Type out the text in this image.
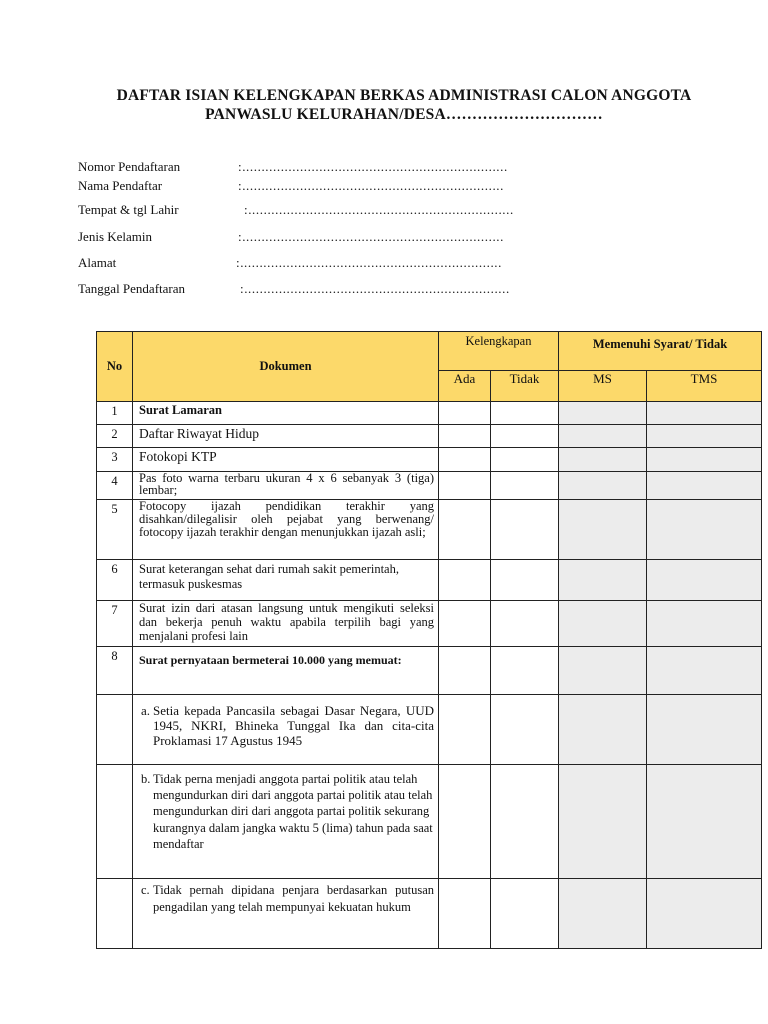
DAFTAR ISIAN KELENGKAPAN BERKAS ADMINISTRASI CALON ANGGOTA
PANWASLU KELURAHAN/DESA…………………………
Nomor Pendaftaran	:.....................................................................
Nama Pendaftar	:....................................................................
Tempat & tgl Lahir	:.....................................................................
Jenis Kelamin	:....................................................................
Alamat	:....................................................................
Tanggal Pendaftaran	:.....................................................................
No	Dokumen	Kelengkapan		Memenuhi Syarat/ Tidak	
		Ada	Tidak	MS	TMS
1	Surat Lamaran				
2	Daftar Riwayat Hidup				
3	Fotokopi KTP				
4	Pas foto warna terbaru ukuran 4 x 6 sebanyak 3 (tiga) lembar;				
5	Fotocopy ijazah pendidikan terakhir yang disahkan/dilegalisir oleh pejabat yang berwenang/ fotocopy ijazah terakhir dengan menunjukkan ijazah asli;				
6	Surat keterangan sehat dari rumah sakit pemerintah, termasuk puskesmas				
7	Surat izin dari atasan langsung untuk mengikuti seleksi dan bekerja penuh waktu apabila terpilih bagi yang menjalani profesi lain				
8	Surat pernyataan bermeterai 10.000 yang memuat:				

	a. Setia kepada Pancasila sebagai Dasar Negara, UUD 1945, NKRI, Bhineka Tunggal Ika dan cita-cita Proklamasi 17 Agustus 1945				

	b. Tidak perna menjadi anggota partai politik atau telah mengundurkan diri dari anggota partai politik atau telah mengundurkan diri dari anggota partai politik sekurang kurangnya dalam jangka waktu 5 (lima) tahun pada saat mendaftar				

	c. Tidak pernah dipidana penjara berdasarkan putusan pengadilan yang telah mempunyai kekuatan hukum				
